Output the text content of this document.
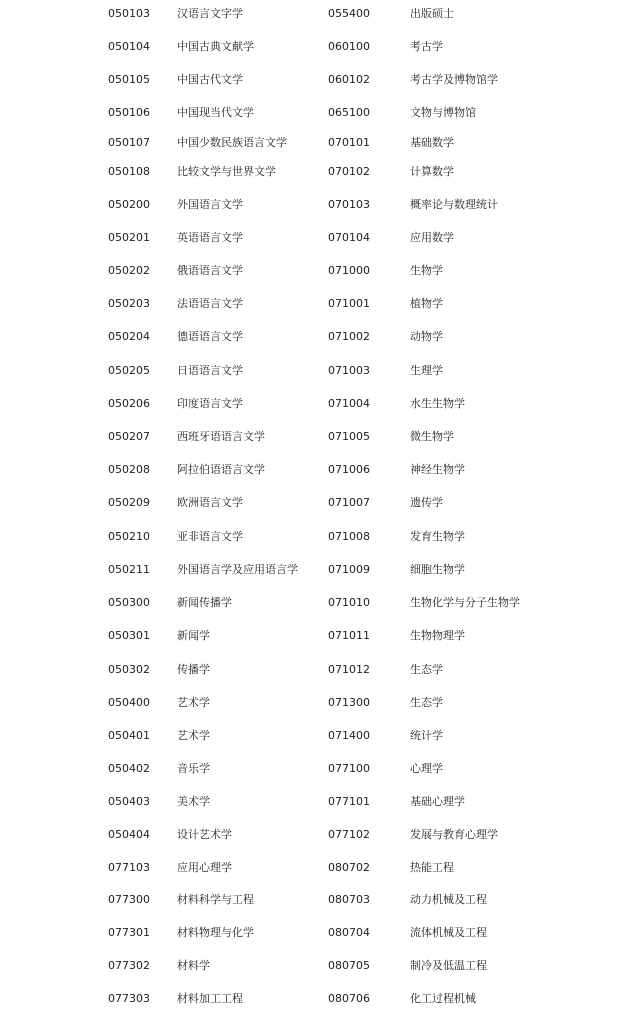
050103 汉语言文字学	055400	出版硕士
050104 中国古典文献学	060100	考古学
050105 中国古代文学	060102	考古学及博物馆学
050106 中国现当代文学	065100	文物与博物馆
050107 中国少数民族语言文学	070101	基础数学
050108 比较文学与世界文学	070102	计算数学
050200 外国语言文学	070103	概率论与数理统计
050201 英语语言文学	070104	应用数学
050202 俄语语言文学	071000	生物学
050203 法语语言文学	071001	植物学
050204 德语语言文学	071002	动物学
050205 日语语言文学	071003	生理学
050206 印度语言文学	071004	水生生物学
050207 西班牙语语言文学	071005	微生物学
050208 阿拉伯语语言文学	071006	神经生物学
050209 欧洲语言文学	071007	遗传学
050210 亚非语言文学	071008	发育生物学
050211 外国语言学及应用语言学	071009	细胞生物学
050300 新闻传播学	071010	生物化学与分子生物学
050301 新闻学	071011	生物物理学
050302 传播学	071012	生态学
050400 艺术学	071300	生态学
050401 艺术学	071400	统计学
050402 音乐学	077100	心理学
050403 美术学	077101	基础心理学
050404 设计艺术学	077102	发展与教育心理学
077103 应用心理学	080702	热能工程
077300 材料科学与工程	080703	动力机械及工程
077301 材料物理与化学	080704	流体机械及工程
077302 材料学	080705	制冷及低温工程
077303 材料加工工程	080706	化工过程机械
